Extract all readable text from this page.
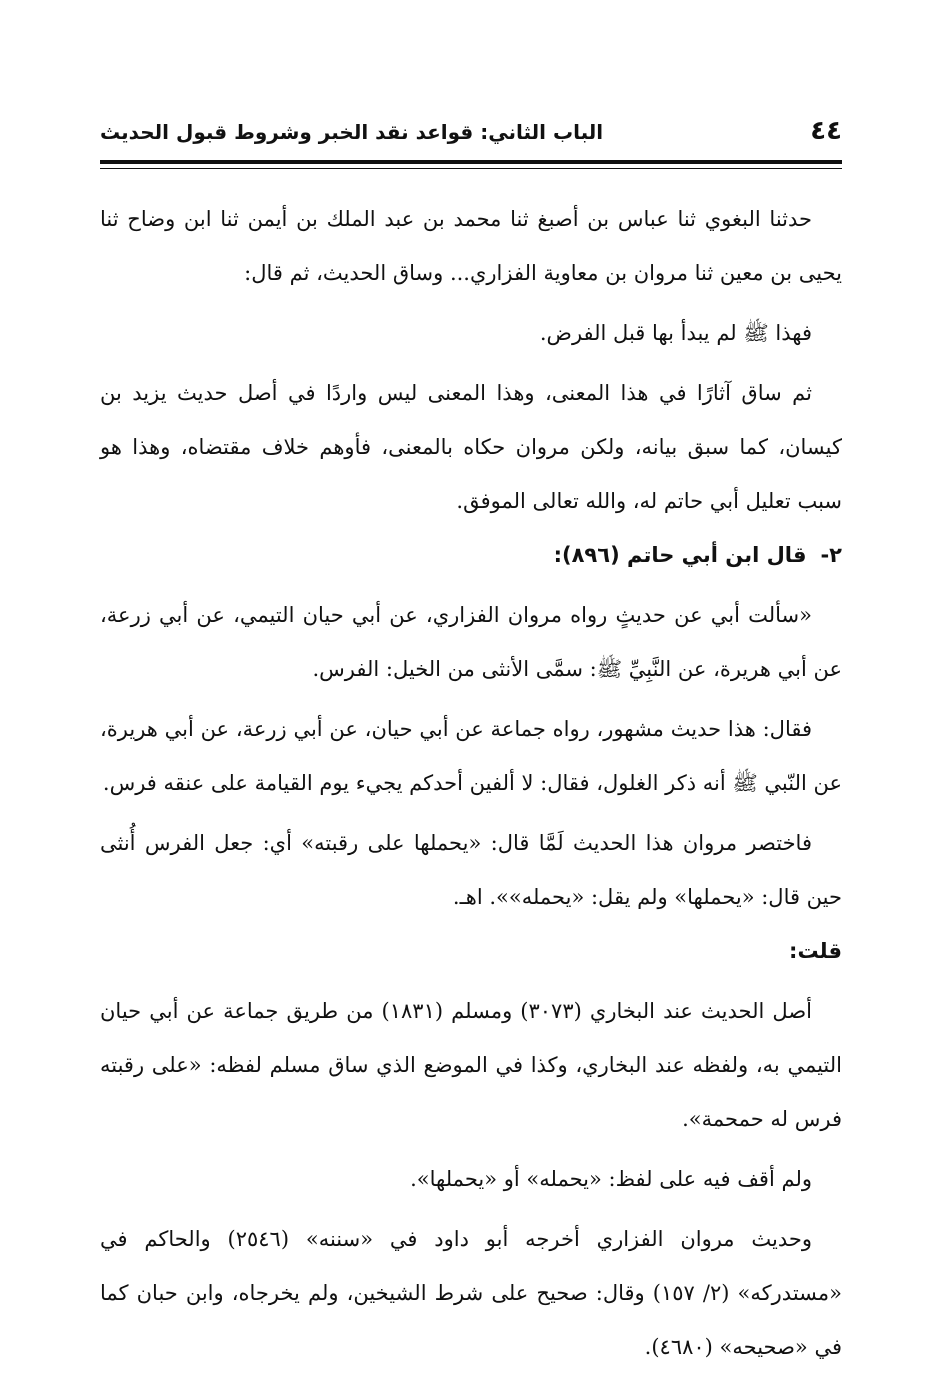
٤٤
الباب الثاني: قواعد نقد الخبر وشروط قبول الحديث

حدثنا البغوي ثنا عباس بن أصبغ ثنا محمد بن عبد الملك بن أيمن ثنا ابن وضاح ثنا يحيى بن معين ثنا مروان بن معاوية الفزاري... وساق الحديث، ثم قال:

فهذا ﷺ لم يبدأ بها قبل الفرض.

ثم ساق آثارًا في هذا المعنى، وهذا المعنى ليس واردًا في أصل حديث يزيد بن كيسان، كما سبق بيانه، ولكن مروان حكاه بالمعنى، فأوهم خلاف مقتضاه، وهذا هو سبب تعليل أبي حاتم له، والله تعالى الموفق.

٢-قال ابن أبي حاتم (٨٩٦):

«سألت أبي عن حديثٍ رواه مروان الفزاري، عن أبي حيان التيمي، عن أبي زرعة، عن أبي هريرة، عن النَّبِيِّ ﷺ: سمَّى الأنثى من الخيل: الفرس.

فقال: هذا حديث مشهور، رواه جماعة عن أبي حيان، عن أبي زرعة، عن أبي هريرة، عن النّبي ﷺ أنه ذكر الغلول، فقال: لا ألفين أحدكم يجيء يوم القيامة على عنقه فرس.

فاختصر مروان هذا الحديث لَمَّا قال: «يحملها على رقبته» أي: جعل الفرس أُنثى حين قال: «يحملها» ولم يقل: «يحمله»». اهـ.

قلت:

أصل الحديث عند البخاري (٣٠٧٣) ومسلم (١٨٣١) من طريق جماعة عن أبي حيان التيمي به، ولفظه عند البخاري، وكذا في الموضع الذي ساق مسلم لفظه: «على رقبته فرس له حمحمة».

ولم أقف فيه على لفظ: «يحمله» أو «يحملها».

وحديث مروان الفزاري أخرجه أبو داود في «سننه» (٢٥٤٦) والحاكم في «مستدركه» (٢/ ١٥٧) وقال: صحيح على شرط الشيخين، ولم يخرجاه، وابن حبان كما في «صحيحه» (٤٦٨٠).
